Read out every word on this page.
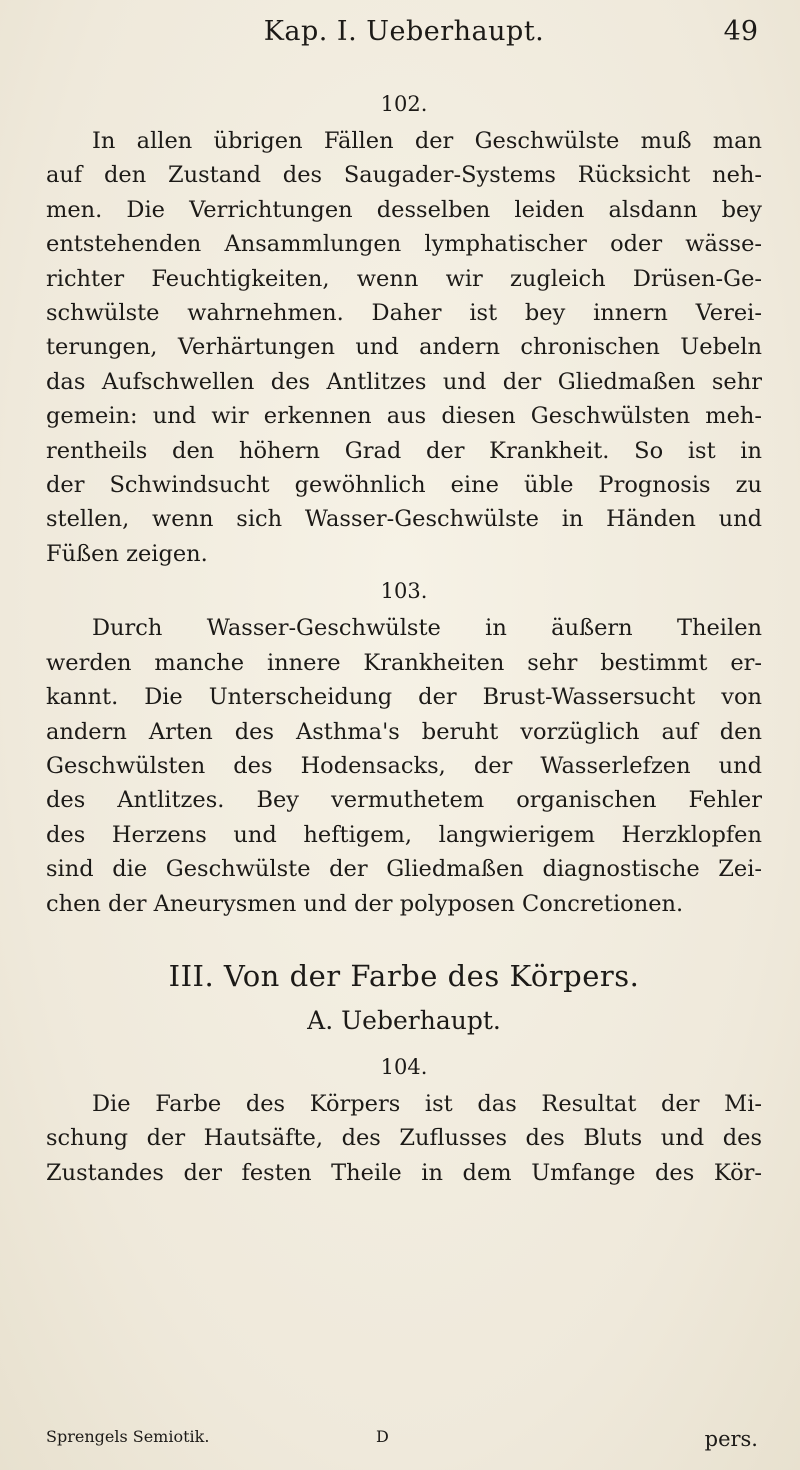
Kap. I. Ueberhaupt.	49
102.
In allen übrigen Fällen der Geschwülste muß man
auf den Zustand des Saugader-Systems Rücksicht neh-
men. Die Verrichtungen desselben leiden alsdann bey
entstehenden Ansammlungen lymphatischer oder wässe-
richter Feuchtigkeiten, wenn wir zugleich Drüsen-Ge-
schwülste wahrnehmen. Daher ist bey innern Verei-
terungen, Verhärtungen und andern chronischen Uebeln
das Aufschwellen des Antlitzes und der Gliedmaßen sehr
gemein: und wir erkennen aus diesen Geschwülsten meh-
rentheils den höhern Grad der Krankheit. So ist in
der Schwindsucht gewöhnlich eine üble Prognosis zu
stellen, wenn sich Wasser-Geschwülste in Händen und
Füßen zeigen.
103.
Durch Wasser-Geschwülste in äußern Theilen
werden manche innere Krankheiten sehr bestimmt er-
kannt. Die Unterscheidung der Brust-Wassersucht von
andern Arten des Asthma's beruht vorzüglich auf den
Geschwülsten des Hodensacks, der Wasserlefzen und
des Antlitzes. Bey vermuthetem organischen Fehler
des Herzens und heftigem, langwierigem Herzklopfen
sind die Geschwülste der Gliedmaßen diagnostische Zei-
chen der Aneurysmen und der polyposen Concretionen.
III. Von der Farbe des Körpers.
A. Ueberhaupt.
104.
Die Farbe des Körpers ist das Resultat der Mi-
schung der Hautsäfte, des Zuflusses des Bluts und des
Zustandes der festen Theile in dem Umfange des Kör-
Sprengels Semiotik.	D	pers.
